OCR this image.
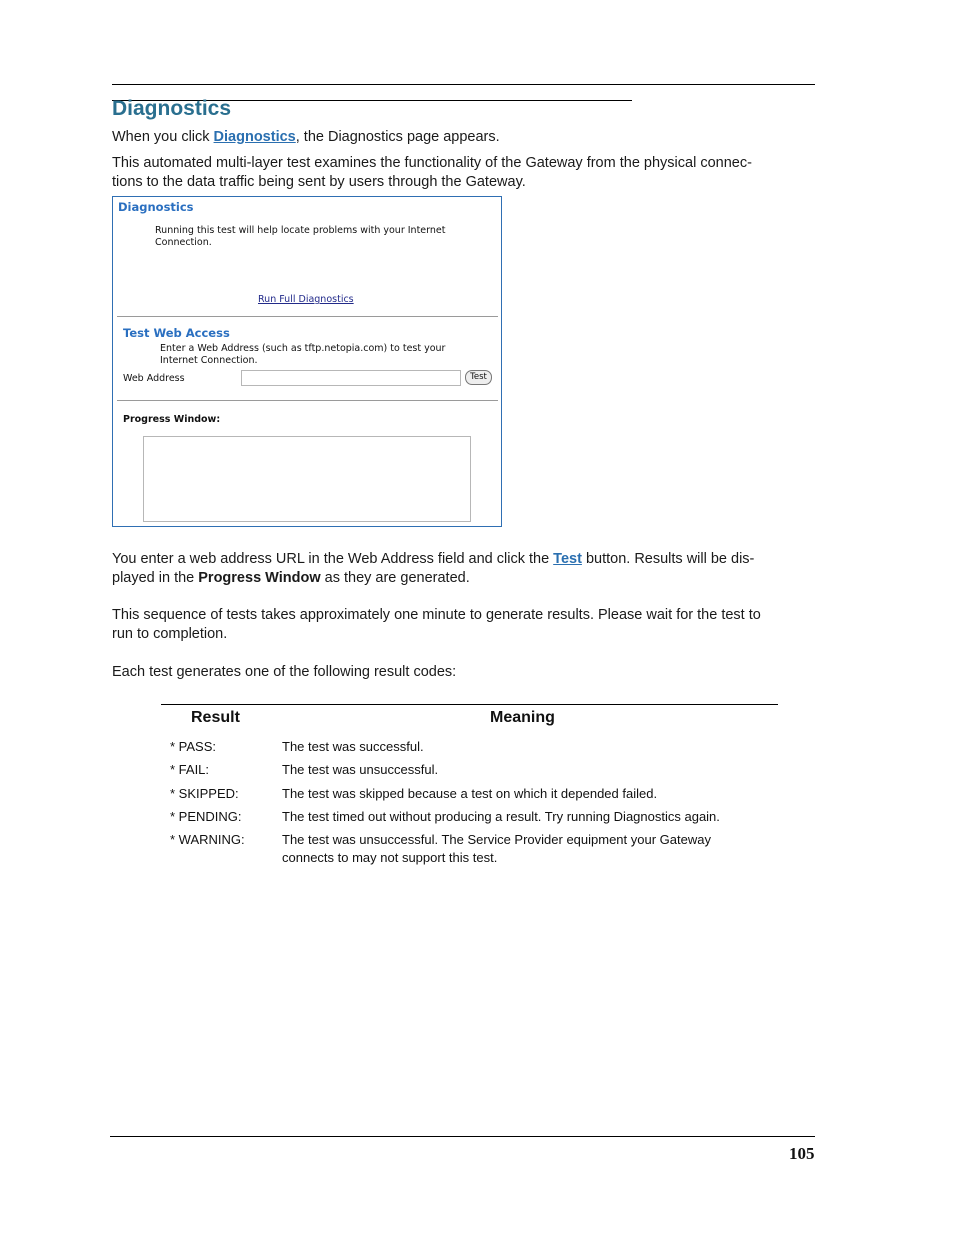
Diagnostics
When you click Diagnostics, the Diagnostics page appears.
This automated multi-layer test examines the functionality of the Gateway from the physical connec-
tions to the data traffic being sent by users through the Gateway.
Diagnostics
Running this test will help locate problems with your Internet
Connection.
Run Full Diagnostics
Test Web Access
Enter a Web Address (such as tftp.netopia.com) to test your
Internet Connection.
Web Address	Test
Progress Window:
You enter a web address URL in the Web Address field and click the Test button. Results will be dis-
played in the Progress Window as they are generated.
This sequence of tests takes approximately one minute to generate results. Please wait for the test to
run to completion.
Each test generates one of the following result codes:
Result	Meaning
* PASS:	The test was successful.
* FAIL:	The test was unsuccessful.
* SKIPPED:	The test was skipped because a test on which it depended failed.
* PENDING:	The test timed out without producing a result. Try running Diagnostics again.
* WARNING:	The test was unsuccessful. The Service Provider equipment your Gateway connects to may not support this test.
105
